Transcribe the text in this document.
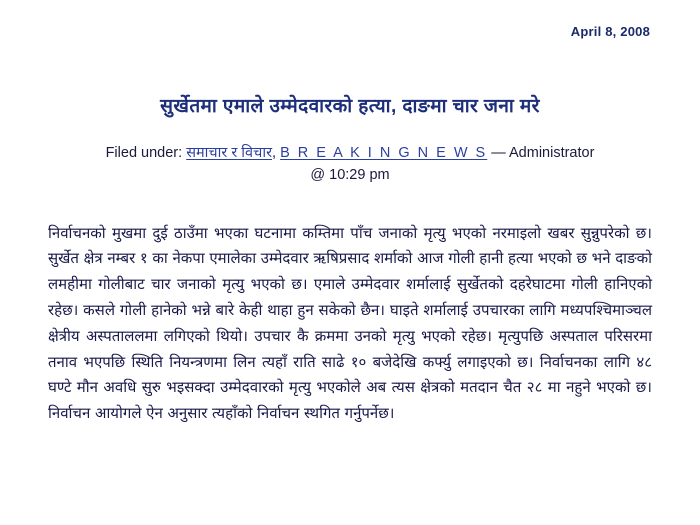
April 8, 2008
सुर्खेतमा एमाले उम्मेदवारको हत्या, दाङमा चार जना मरे
Filed under: समाचार र विचार, B R E A K I N G N E W S — Administrator @ 10:29 pm

निर्वाचनको मुखमा दुई ठाउँमा भएका घटनामा कम्तिमा पाँच जनाको मृत्यु भएको नरमाइलो खबर सुन्नुपरेको छ। सुर्खेत क्षेत्र नम्बर १ का नेकपा एमालेका उम्मेदवार ऋषिप्रसाद शर्माको आज गोली हानी हत्या भएको छ भने दाङको लमहीमा गोलीबाट चार जनाको मृत्यु भएको छ। एमाले उम्मेदवार शर्मालाई सुर्खेतको दहरेघाटमा गोली हानिएको रहेछ। कसले गोली हानेको भन्ने बारे केही थाहा हुन सकेको छैन। घाइते शर्मालाई उपचारका लागि मध्यपश्चिमाञ्चल क्षेत्रीय अस्पताललमा लगिएको थियो। उपचार कै क्रममा उनको मृत्यु भएको रहेछ। मृत्युपछि अस्पताल परिसरमा तनाव भएपछि स्थिति नियन्त्रणमा लिन त्यहाँ राति साढे १० बजेदेखि कर्फ्यु लगाइएको छ। निर्वाचनका लागि ४८ घण्टे मौन अवधि सुरु भइसक्दा उम्मेदवारको मृत्यु भएकोले अब त्यस क्षेत्रको मतदान चैत २८ मा नहुने भएको छ। निर्वाचन आयोगले ऐन अनुसार त्यहाँको निर्वाचन स्थगित गर्नुपर्नेछ।
